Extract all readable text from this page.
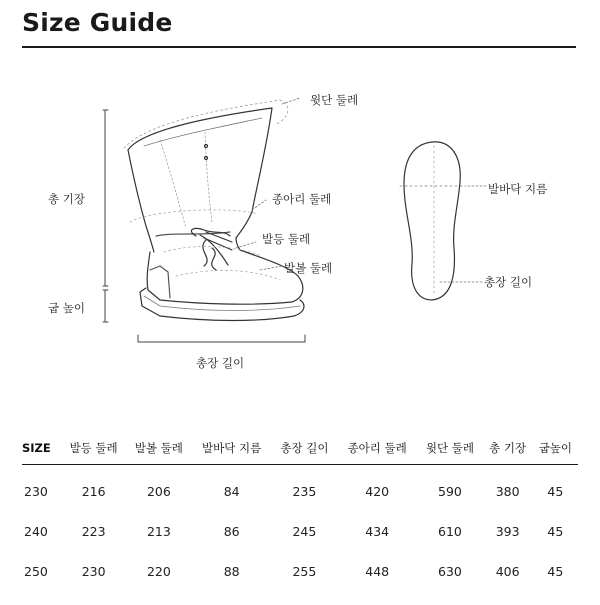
Size Guide
윗단 둘레
종아리 둘레
발등 둘레
발볼 둘레
총 기장
굽 높이
총장 길이
발바닥 지름
총장 길이
SIZE	발등 둘레	발볼 둘레	발바닥 지름	총장 길이	종아리 둘레	윗단 둘레	총 기장	굽높이
230	216	206	84	235	420	590	380	45
240	223	213	86	245	434	610	393	45
250	230	220	88	255	448	630	406	45
